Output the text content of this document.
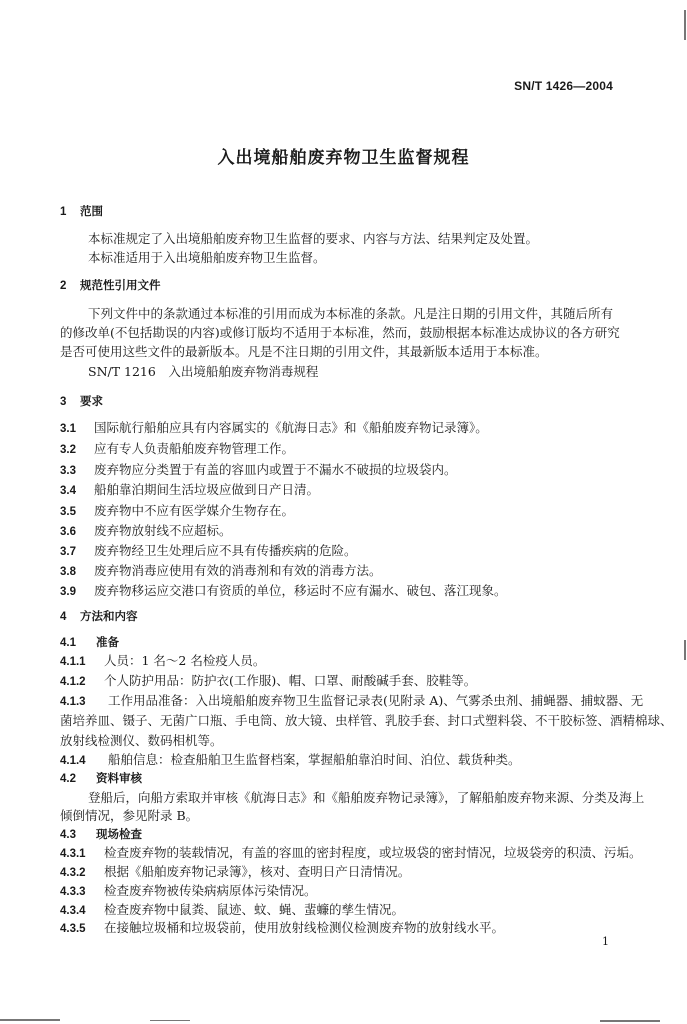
SN/T 1426—2004
入出境船舶废弃物卫生监督规程
1 范围
本标准规定了入出境船舶废弃物卫生监督的要求、内容与方法、结果判定及处置。
本标准适用于入出境船舶废弃物卫生监督。
2 规范性引用文件
下列文件中的条款通过本标准的引用而成为本标准的条款。凡是注日期的引用文件，其随后所有
的修改单(不包括勘误的内容)或修订版均不适用于本标准，然而，鼓励根据本标准达成协议的各方研究
是否可使用这些文件的最新版本。凡是不注日期的引用文件，其最新版本适用于本标准。
SN/T 1216　入出境船舶废弃物消毒规程
3 要求
3.1 国际航行船舶应具有内容属实的《航海日志》和《船舶废弃物记录簿》。
3.2 应有专人负责船舶废弃物管理工作。
3.3 废弃物应分类置于有盖的容皿内或置于不漏水不破损的垃圾袋内。
3.4 船舶靠泊期间生活垃圾应做到日产日清。
3.5 废弃物中不应有医学媒介生物存在。
3.6 废弃物放射线不应超标。
3.7 废弃物经卫生处理后应不具有传播疾病的危险。
3.8 废弃物消毒应使用有效的消毒剂和有效的消毒方法。
3.9 废弃物移运应交港口有资质的单位，移运时不应有漏水、破包、落江现象。
4 方法和内容
4.1 准备
4.1.1 人员：1 名～2 名检疫人员。
4.1.2 个人防护用品：防护衣(工作服)、帽、口罩、耐酸碱手套、胶鞋等。
4.1.3 工作用品准备：入出境船舶废弃物卫生监督记录表(见附录 A)、气雾杀虫剂、捕蝇器、捕蚊器、无
菌培养皿、镊子、无菌广口瓶、手电筒、放大镜、虫样管、乳胶手套、封口式塑料袋、不干胶标签、酒精棉球、
放射线检测仪、数码相机等。
4.1.4 船舶信息：检查船舶卫生监督档案，掌握船舶靠泊时间、泊位、载货种类。
4.2 资料审核
登船后，向船方索取并审核《航海日志》和《船舶废弃物记录簿》，了解船舶废弃物来源、分类及海上
倾倒情况，参见附录 B。
4.3 现场检查
4.3.1 检查废弃物的装载情况，有盖的容皿的密封程度，或垃圾袋的密封情况，垃圾袋旁的积渍、污垢。
4.3.2 根据《船舶废弃物记录簿》，核对、查明日产日清情况。
4.3.3 检查废弃物被传染病病原体污染情况。
4.3.4 检查废弃物中鼠粪、鼠迹、蚊、蝇、蜚蠊的孳生情况。
4.3.5 在接触垃圾桶和垃圾袋前，使用放射线检测仪检测废弃物的放射线水平。
1
